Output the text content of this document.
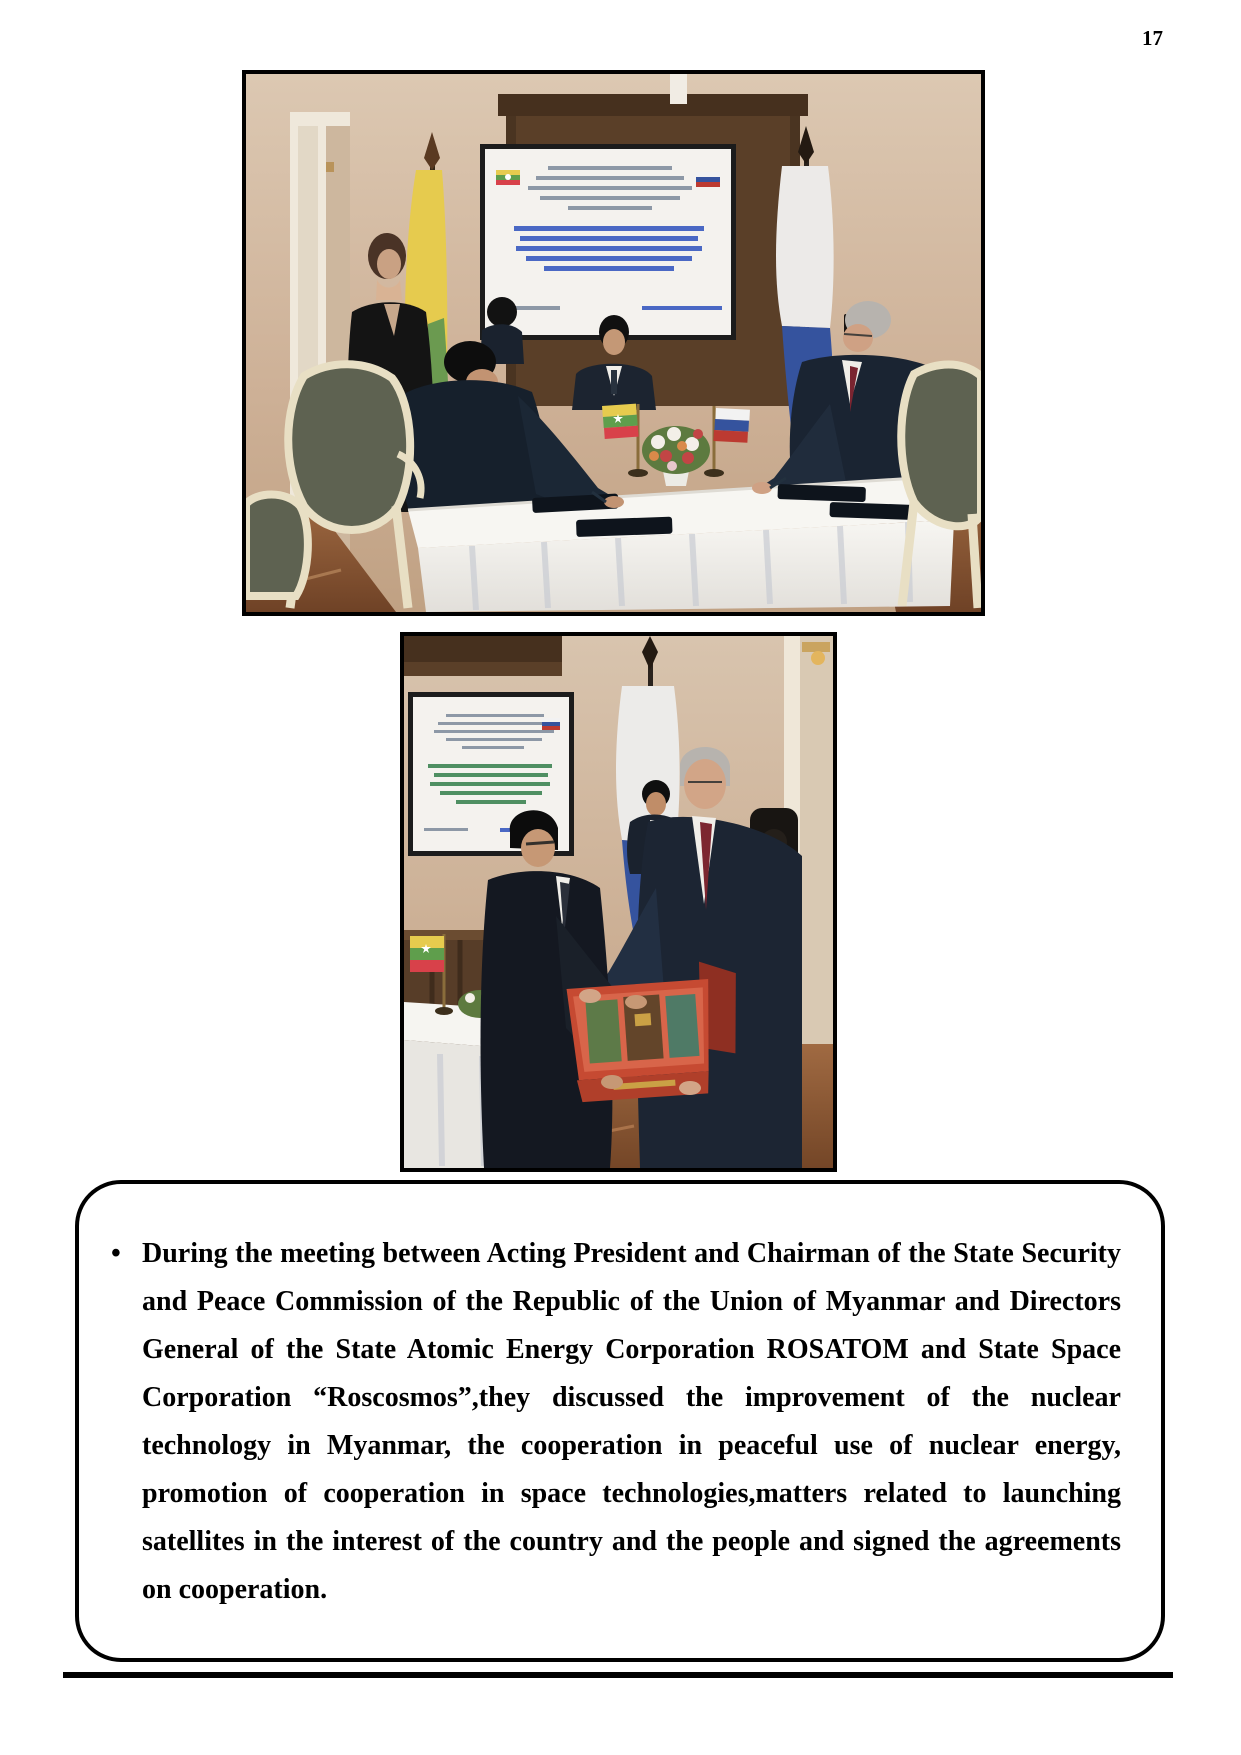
17
• During the meeting between Acting President and Chairman of the State Security
and Peace Commission of the Republic of the Union of Myanmar and Directors
General of the State Atomic Energy Corporation ROSATOM and State Space
Corporation “Roscosmos”,they discussed the improvement of the nuclear
technology in Myanmar, the cooperation in peaceful use of nuclear energy,
promotion of cooperation in space technologies,matters related to launching
satellites in the interest of the country and the people and signed the agreements
on cooperation.
